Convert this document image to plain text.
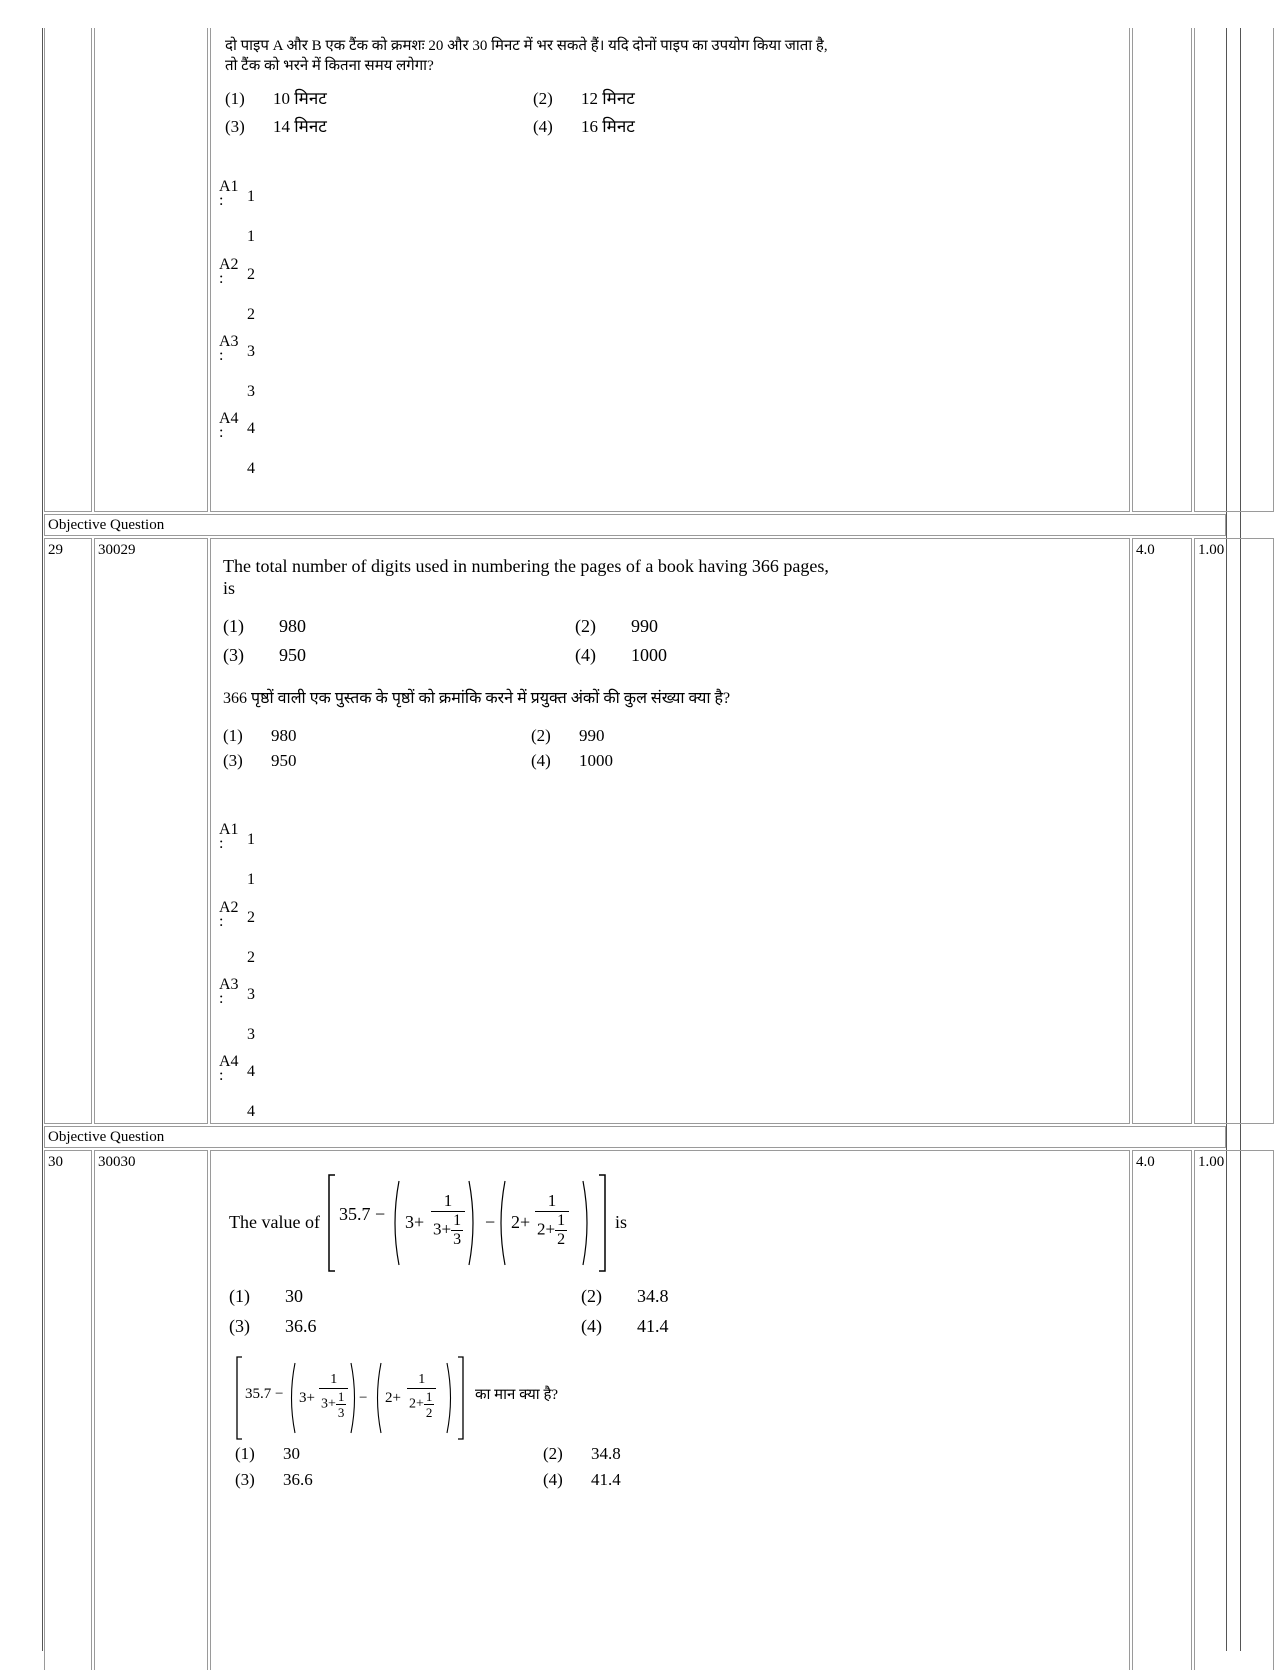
दो पाइप A और B एक टैंक को क्रमशः 20 और 30 मिनट में भर सकते हैं। यदि दोनों पाइप का उपयोग किया जाता है,
तो टैंक को भरने में कितना समय लगेगा?
(1) 10 मिनट	(2) 12 मिनट
(3) 14 मिनट	(4) 16 मिनट
A1
: 1
1
A2
: 2
2
A3
: 3
3
A4
: 4
4
Objective Question
29	30029
The total number of digits used in numbering the pages of a book having 366 pages,
is
(1) 980	(2) 990
(3) 950	(4) 1000
366 पृष्ठों वाली एक पुस्तक के पृष्ठों को क्रमांकि करने में प्रयुक्त अंकों की कुल संख्या क्या है?
(1) 980	(2) 990
(3) 950	(4) 1000
A1
: 1
1
A2
: 2
2
A3
: 3
3
A4
: 4
4
4.0	1.00
Objective Question
30	30030
The value of $35.7 - 3+ \frac{1}{3+ \frac{1}{3}} - 2+ \frac{1}{2+ \frac{1}{2}}$	is
(1) 30	(2) 34.8
(3) 36.6	(4) 41.4
$35.7 - 3+ \frac{1}{3+ \frac{1}{3}} - 2+ \frac{1}{2+ \frac{1}{2}}$	का मान क्या है?
(1) 30	(2) 34.8
(3) 36.6	(4) 41.4
4.0	1.00
